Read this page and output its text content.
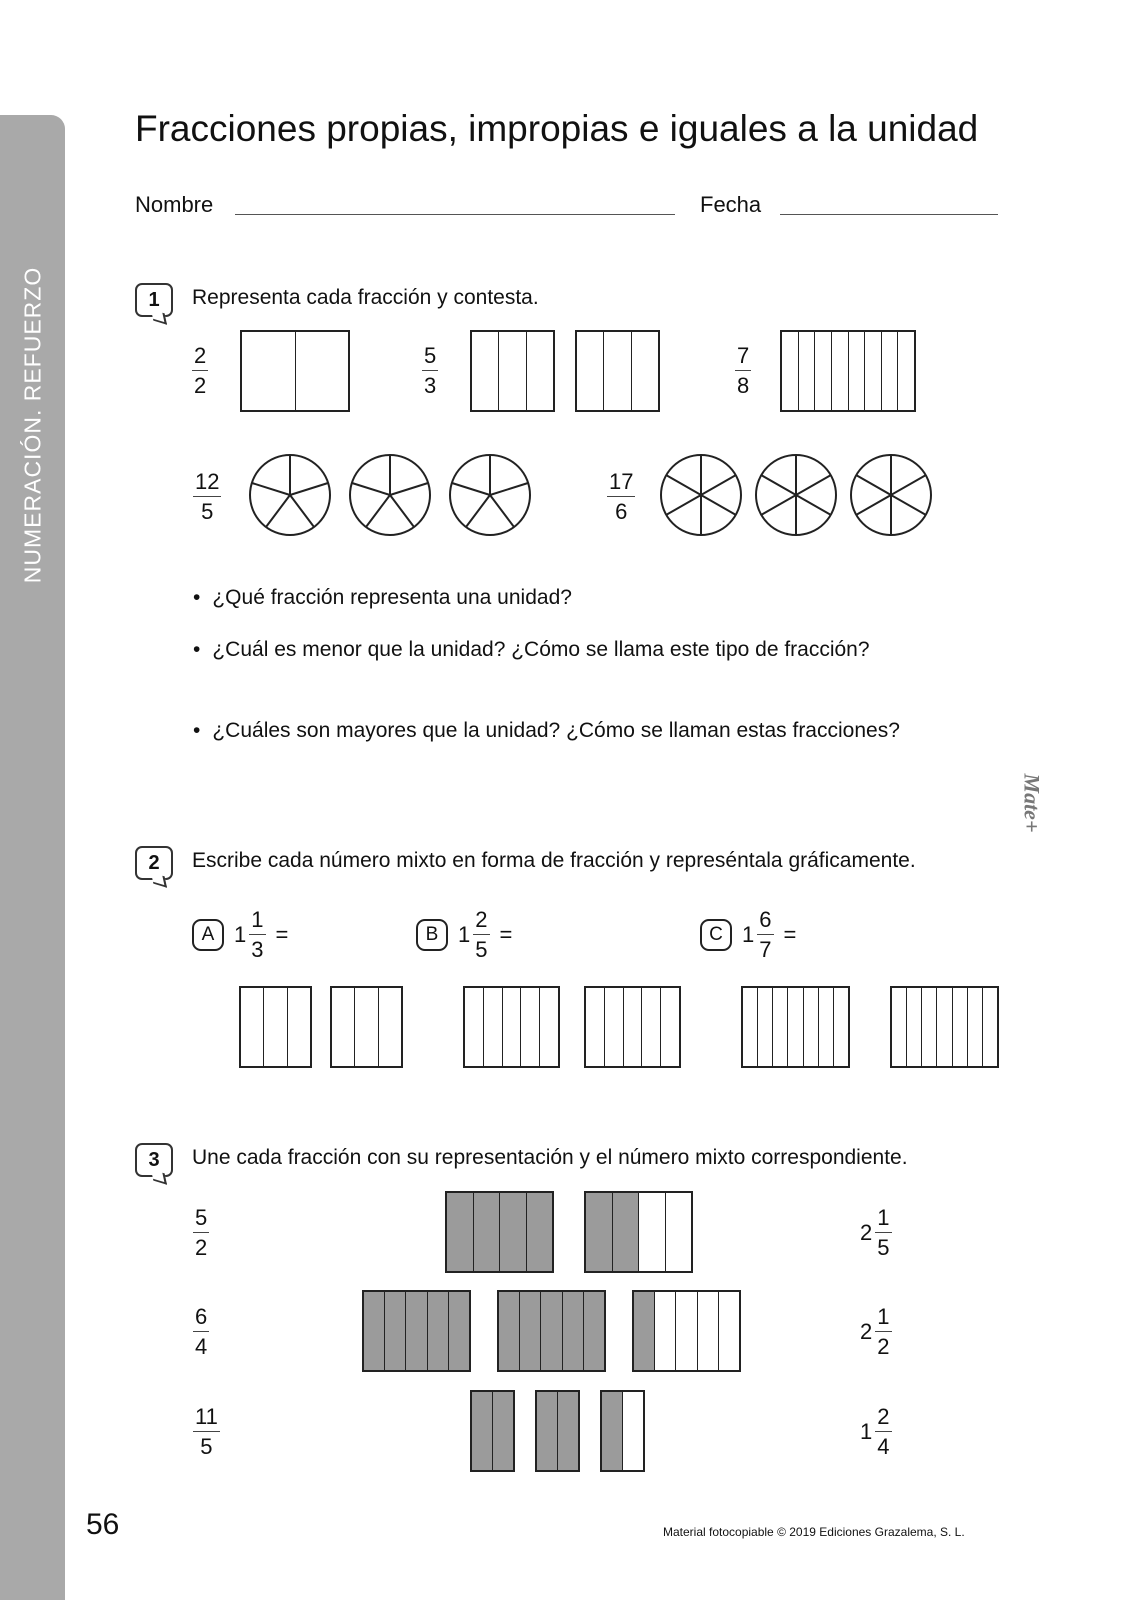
NUMERACIÓN. REFUERZO
Fracciones propias, impropias e iguales a la unidad
Nombre	Fecha
1	Representa cada fracción y contesta.
2
2
5
3
7
8
12
5
17
6
• ¿Qué fracción representa una unidad?
• ¿Cuál es menor que la unidad? ¿Cómo se llama este tipo de fracción?
• ¿Cuáles son mayores que la unidad? ¿Cómo se llaman estas fracciones?
Mate+
2	Escribe cada número mixto en forma de fracción y represéntala gráficamente.
A $1 \frac{1}{3}$ =	B $1 \frac{2}{5}$ =	C $1 \frac{6}{7}$ =
3	Une cada fracción con su representación y el número mixto correspondiente.
5
2
6
4
11
5
$2 \frac{1}{5}$
$2 \frac{1}{2}$
$1 \frac{2}{4}$
56	Material fotocopiable © 2019 Ediciones Grazalema, S. L.
